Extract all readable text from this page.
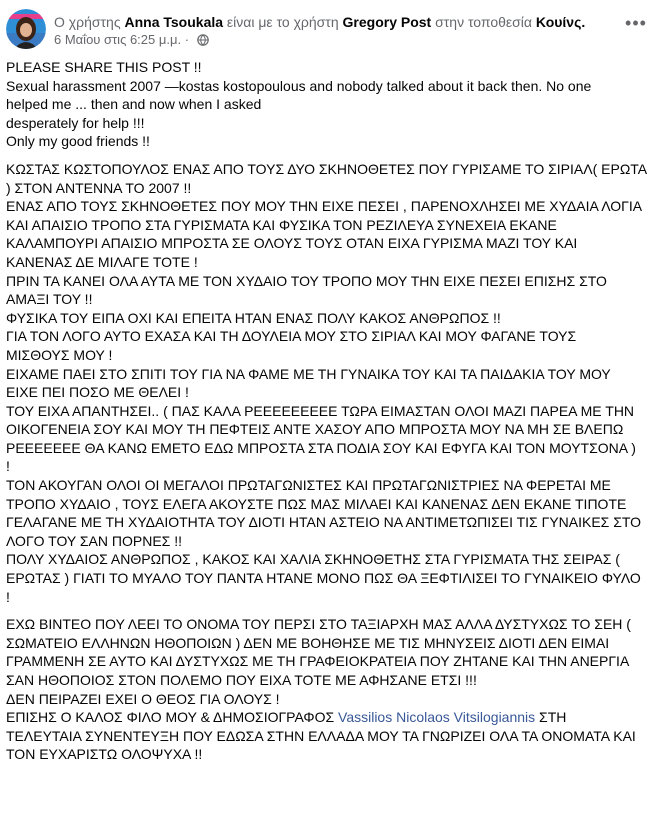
Ο χρήστης Anna Tsoukala είναι με το χρήστη Gregory Post στην τοποθεσία Κουίνς.
6 Μαΐου στις 6:25 μ.μ. ·
•••
PLEASE SHARE THIS POST !!
Sexual harassment 2007 —kostas kostopoulous and nobody talked about it back then. No one
helped me ... then and now when I asked
desperately for help !!!
Only my good friends !!
ΚΩΣΤΑΣ ΚΩΣΤΟΠΟΥΛΟΣ ΕΝΑΣ ΑΠΟ ΤΟΥΣ ΔΥΟ ΣΚΗΝΟΘΕΤΕΣ ΠΟΥ ΓΥΡΙΣΑΜΕ ΤΟ ΣΙΡΙΑΛ( ΕΡΩΤΑ
) ΣΤΟΝ ΑΝΤΕΝΝΑ ΤΟ 2007 !!
ΕΝΑΣ ΑΠΟ ΤΟΥΣ ΣΚΗΝΟΘΕΤΕΣ ΠΟΥ ΜΟΥ ΤΗΝ ΕΙΧΕ ΠΕΣΕΙ , ΠΑΡΕΝΟΧΛΗΣΕΙ ΜΕ ΧΥΔΑΙΑ ΛΟΓΙΑ
ΚΑΙ ΑΠΑΙΣΙΟ ΤΡΟΠΟ ΣΤΑ ΓΥΡΙΣΜΑΤΑ ΚΑΙ ΦΥΣΙΚΑ ΤΟΝ ΡΕΖΙΛΕΥΑ ΣΥΝΕΧΕΙΑ ΕΚΑΝΕ
ΚΑΛΑΜΠΟΥΡΙ ΑΠΑΙΣΙΟ ΜΠΡΟΣΤΑ ΣΕ ΟΛΟΥΣ ΤΟΥΣ ΟΤΑΝ ΕΙΧΑ ΓΥΡΙΣΜΑ ΜΑΖΙ ΤΟΥ ΚΑΙ
ΚΑΝΕΝΑΣ ΔΕ ΜΙΛΑΓΕ ΤΟΤΕ !
ΠΡΙΝ ΤΑ ΚΑΝΕΙ ΟΛΑ ΑΥΤΑ ΜΕ ΤΟΝ ΧΥΔΑΙΟ ΤΟΥ ΤΡΟΠΟ ΜΟΥ ΤΗΝ ΕΙΧΕ ΠΕΣΕΙ ΕΠΙΣΗΣ ΣΤΟ
ΑΜΑΞΙ ΤΟΥ !!
ΦΥΣΙΚΑ ΤΟΥ ΕΙΠΑ ΟΧΙ ΚΑΙ ΕΠΕΙΤΑ ΗΤΑΝ ΕΝΑΣ ΠΟΛΥ ΚΑΚΟΣ ΑΝΘΡΩΠΟΣ !!
ΓΙΑ ΤΟΝ ΛΟΓΟ ΑΥΤΟ ΕΧΑΣΑ ΚΑΙ ΤΗ ΔΟΥΛΕΙΑ ΜΟΥ ΣΤΟ ΣΙΡΙΑΛ ΚΑΙ ΜΟΥ ΦΑΓΑΝΕ ΤΟΥΣ
ΜΙΣΘΟΥΣ ΜΟΥ !
ΕΙΧΑΜΕ ΠΑΕΙ ΣΤΟ ΣΠΙΤΙ ΤΟΥ ΓΙΑ ΝΑ ΦΑΜΕ ΜΕ ΤΗ ΓΥΝΑΙΚΑ ΤΟΥ ΚΑΙ ΤΑ ΠΑΙΔΑΚΙΑ ΤΟΥ ΜΟΥ
ΕΙΧΕ ΠΕΙ ΠΟΣΟ ΜΕ ΘΕΛΕΙ !
ΤΟΥ ΕΙΧΑ ΑΠΑΝΤΗΣΕΙ.. ( ΠΑΣ ΚΑΛΑ ΡΕΕΕΕΕΕΕΕΕ ΤΩΡΑ ΕΙΜΑΣΤΑΝ ΟΛΟΙ ΜΑΖΙ ΠΑΡΕΑ ΜΕ ΤΗΝ
ΟΙΚΟΓΕΝΕΙΑ ΣΟΥ ΚΑΙ ΜΟΥ ΤΗ ΠΕΦΤΕΙΣ ΑΝΤΕ ΧΑΣΟΥ ΑΠΟ ΜΠΡΟΣΤΑ ΜΟΥ ΝΑ ΜΗ ΣΕ ΒΛΕΠΩ
ΡΕΕΕΕΕΕΕ ΘΑ ΚΑΝΩ ΕΜΕΤΟ ΕΔΩ ΜΠΡΟΣΤΑ ΣΤΑ ΠΟΔΙΑ ΣΟΥ ΚΑΙ ΕΦΥΓΑ ΚΑΙ ΤΟΝ ΜΟΥΤΣΟΝΑ )
!
ΤΟΝ ΑΚΟΥΓΑΝ ΟΛΟΙ ΟΙ ΜΕΓΑΛΟΙ ΠΡΩΤΑΓΩΝΙΣΤΕΣ ΚΑΙ ΠΡΩΤΑΓΩΝΙΣΤΡΙΕΣ ΝΑ ΦΕΡΕΤΑΙ ΜΕ
ΤΡΟΠΟ ΧΥΔΑΙΟ , ΤΟΥΣ ΕΛΕΓΑ ΑΚΟΥΣΤΕ ΠΩΣ ΜΑΣ ΜΙΛΑΕΙ ΚΑΙ ΚΑΝΕΝΑΣ ΔΕΝ ΕΚΑΝΕ ΤΙΠΟΤΕ
ΓΕΛΑΓΑΝΕ ΜΕ ΤΗ ΧΥΔΑΙΟΤΗΤΑ ΤΟΥ ΔΙΟΤΙ ΗΤΑΝ ΑΣΤΕΙΟ ΝΑ ΑΝΤΙΜΕΤΩΠΙΣΕΙ ΤΙΣ ΓΥΝΑΙΚΕΣ ΣΤΟ
ΛΟΓΟ ΤΟΥ ΣΑΝ ΠΟΡΝΕΣ !!
ΠΟΛΥ ΧΥΔΑΙΟΣ ΑΝΘΡΩΠΟΣ , ΚΑΚΟΣ ΚΑΙ ΧΑΛΙΑ ΣΚΗΝΟΘΕΤΗΣ ΣΤΑ ΓΥΡΙΣΜΑΤΑ ΤΗΣ ΣΕΙΡΑΣ (
ΕΡΩΤΑΣ ) ΓΙΑΤΙ ΤΟ ΜΥΑΛΟ ΤΟΥ ΠΑΝΤΑ ΗΤΑΝΕ ΜΟΝΟ ΠΩΣ ΘΑ ΞΕΦΤΙΛΙΣΕΙ ΤΟ ΓΥΝΑΙΚΕΙΟ ΦΥΛΟ
!
ΕΧΩ ΒΙΝΤΕΟ ΠΟΥ ΛΕΕΙ ΤΟ ΟΝΟΜΑ ΤΟΥ ΠΕΡΣΙ ΣΤΟ ΤΑΞΙΑΡΧΗ ΜΑΣ ΑΛΛΑ ΔΥΣΤΥΧΩΣ ΤΟ ΣΕΗ (
ΣΩΜΑΤΕΙΟ ΕΛΛΗΝΩΝ ΗΘΟΠΟΙΩΝ ) ΔΕΝ ΜΕ ΒΟΗΘΗΣΕ ΜΕ ΤΙΣ ΜΗΝΥΣΕΙΣ ΔΙΟΤΙ ΔΕΝ ΕΙΜΑΙ
ΓΡΑΜΜΕΝΗ ΣΕ ΑΥΤΟ ΚΑΙ ΔΥΣΤΥΧΩΣ ΜΕ ΤΗ ΓΡΑΦΕΙΟΚΡΑΤΕΙΑ ΠΟΥ ΖΗΤΑΝΕ ΚΑΙ ΤΗΝ ΑΝΕΡΓΙΑ
ΣΑΝ ΗΘΟΠΟΙΟΣ ΣΤΟΝ ΠΟΛΕΜΟ ΠΟΥ ΕΙΧΑ ΤΟΤΕ ΜΕ ΑΦΗΣΑΝΕ ΕΤΣΙ !!!
ΔΕΝ ΠΕΙΡΑΖΕΙ ΕΧΕΙ Ο ΘΕΟΣ ΓΙΑ ΟΛΟΥΣ !
ΕΠΙΣΗΣ Ο ΚΑΛΟΣ ΦΙΛΟ ΜΟΥ & ΔΗΜΟΣΙΟΓΡΑΦΟΣ Vassilios Nicolaos Vitsilogiannis ΣΤΗ
ΤΕΛΕΥΤΑΙΑ ΣΥΝΕΝΤΕΥΞΗ ΠΟΥ ΕΔΩΣΑ ΣΤΗΝ ΕΛΛΑΔΑ ΜΟΥ ΤΑ ΓΝΩΡΙΖΕΙ ΟΛΑ ΤΑ ΟΝΟΜΑΤΑ ΚΑΙ
ΤΟΝ ΕΥΧΑΡΙΣΤΩ ΟΛΟΨΥΧΑ !!
